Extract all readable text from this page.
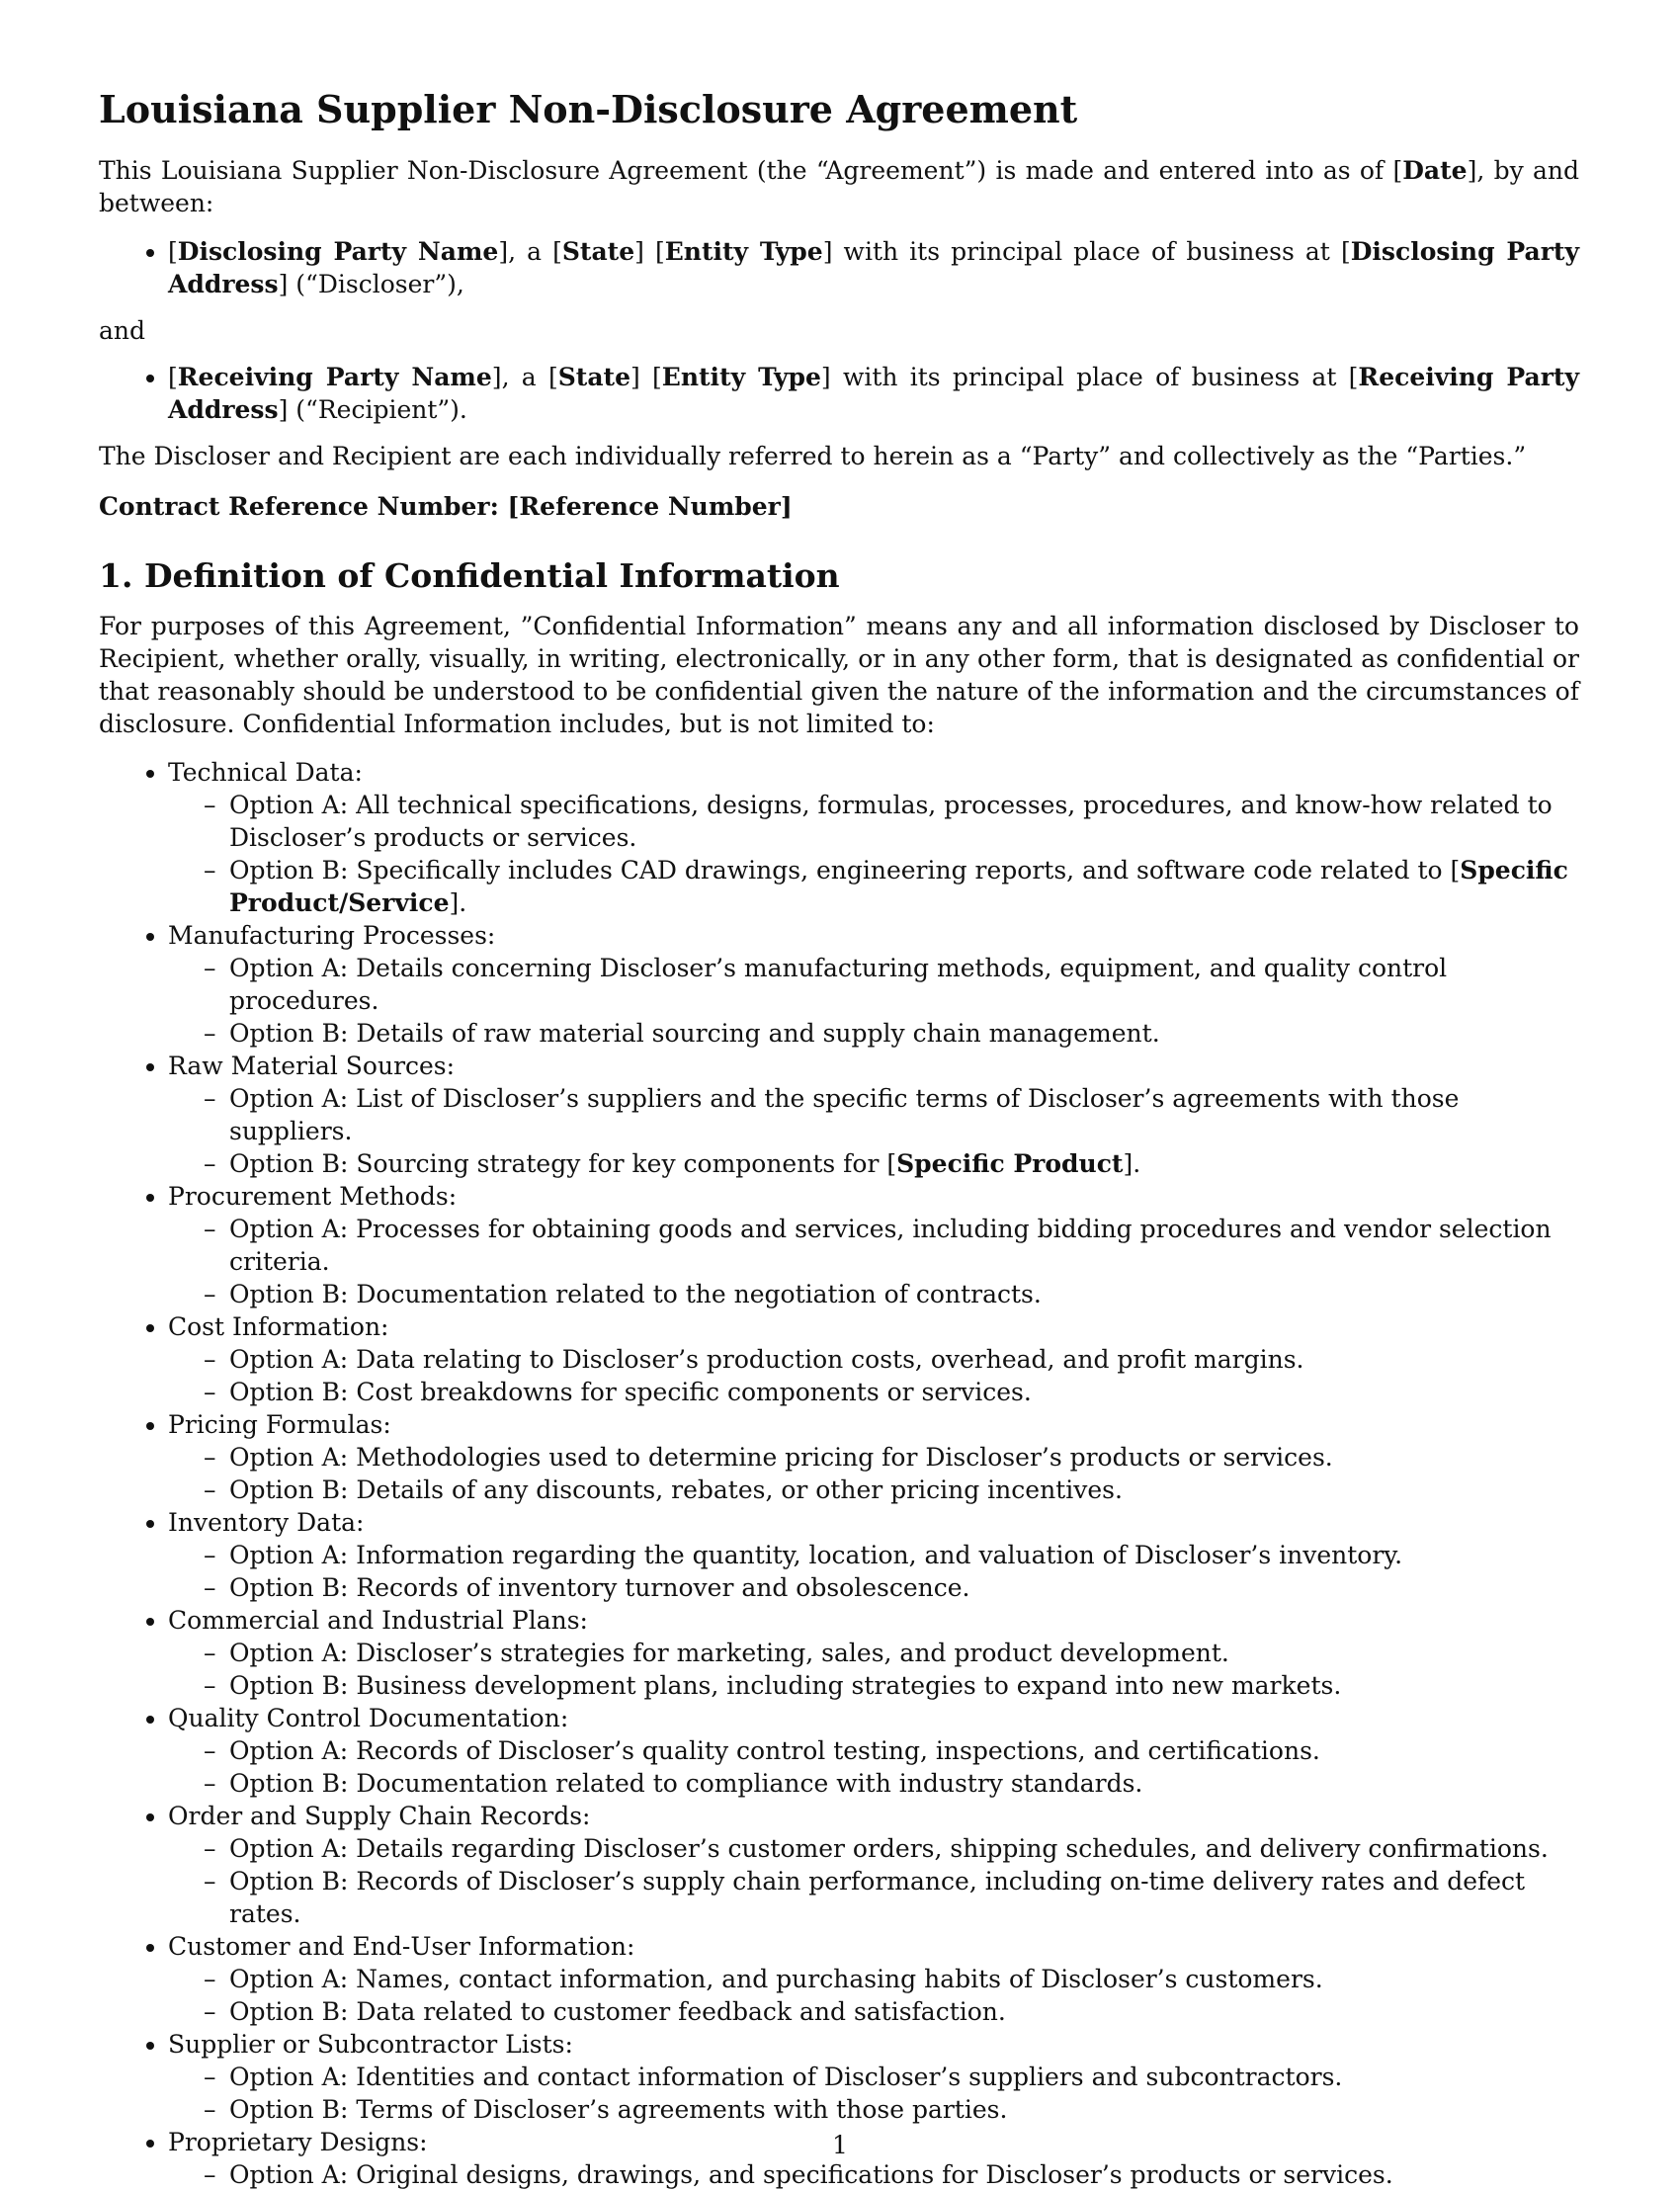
Louisiana Supplier Non-Disclosure Agreement

This Louisiana Supplier Non-Disclosure Agreement (the “Agreement”) is made and entered into as of [Date], by and between:

• [Disclosing Party Name], a [State] [Entity Type] with its principal place of business at [Disclosing Party Address] (“Discloser”),
and
• [Receiving Party Name], a [State] [Entity Type] with its principal place of business at [Receiving Party Address] (“Recipient”).

The Discloser and Recipient are each individually referred to herein as a “Party” and collectively as the “Parties.”

Contract Reference Number: [Reference Number]

1. Definition of Confidential Information

For purposes of this Agreement, ”Confidential Information” means any and all information disclosed by Discloser to Recipient, whether orally, visually, in writing, electronically, or in any other form, that is designated as confidential or that reasonably should be understood to be confidential given the nature of the information and the circumstances of disclosure. Confidential Information includes, but is not limited to:

• Technical Data:
– Option A: All technical specifications, designs, formulas, processes, procedures, and know-how related to Discloser’s products or services.
– Option B: Specifically includes CAD drawings, engineering reports, and software code related to [Specific Product/Service].
• Manufacturing Processes:
– Option A: Details concerning Discloser’s manufacturing methods, equipment, and quality control procedures.
– Option B: Details of raw material sourcing and supply chain management.
• Raw Material Sources:
– Option A: List of Discloser’s suppliers and the specific terms of Discloser’s agreements with those suppliers.
– Option B: Sourcing strategy for key components for [Specific Product].
• Procurement Methods:
– Option A: Processes for obtaining goods and services, including bidding procedures and vendor selection criteria.
– Option B: Documentation related to the negotiation of contracts.
• Cost Information:
– Option A: Data relating to Discloser’s production costs, overhead, and profit margins.
– Option B: Cost breakdowns for specific components or services.
• Pricing Formulas:
– Option A: Methodologies used to determine pricing for Discloser’s products or services.
– Option B: Details of any discounts, rebates, or other pricing incentives.
• Inventory Data:
– Option A: Information regarding the quantity, location, and valuation of Discloser’s inventory.
– Option B: Records of inventory turnover and obsolescence.
• Commercial and Industrial Plans:
– Option A: Discloser’s strategies for marketing, sales, and product development.
– Option B: Business development plans, including strategies to expand into new markets.
• Quality Control Documentation:
– Option A: Records of Discloser’s quality control testing, inspections, and certifications.
– Option B: Documentation related to compliance with industry standards.
• Order and Supply Chain Records:
– Option A: Details regarding Discloser’s customer orders, shipping schedules, and delivery confirmations.
– Option B: Records of Discloser’s supply chain performance, including on-time delivery rates and defect rates.
• Customer and End-User Information:
– Option A: Names, contact information, and purchasing habits of Discloser’s customers.
– Option B: Data related to customer feedback and satisfaction.
• Supplier or Subcontractor Lists:
– Option A: Identities and contact information of Discloser’s suppliers and subcontractors.
– Option B: Terms of Discloser’s agreements with those parties.
• Proprietary Designs:
– Option A: Original designs, drawings, and specifications for Discloser’s products or services.
1
